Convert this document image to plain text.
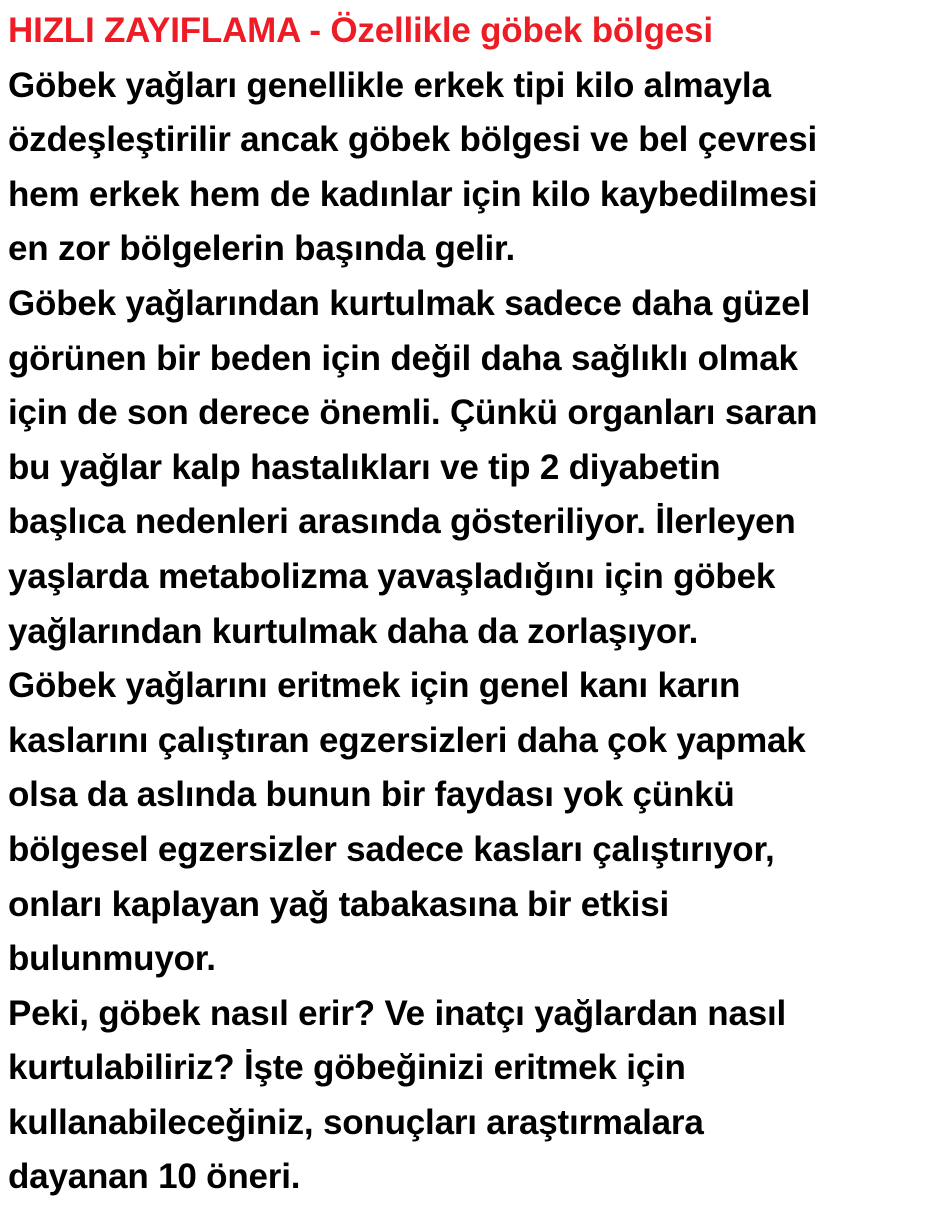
HIZLI ZAYIFLAMA - Özellikle göbek bölgesi
Göbek yağları genellikle erkek tipi kilo almayla
özdeşleştirilir ancak göbek bölgesi ve bel çevresi
hem erkek hem de kadınlar için kilo kaybedilmesi
en zor bölgelerin başında gelir.
Göbek yağlarından kurtulmak sadece daha güzel
görünen bir beden için değil daha sağlıklı olmak
için de son derece önemli. Çünkü organları saran
bu yağlar kalp hastalıkları ve tip 2 diyabetin
başlıca nedenleri arasında gösteriliyor. İlerleyen
yaşlarda metabolizma yavaşladığını için göbek
yağlarından kurtulmak daha da zorlaşıyor.
Göbek yağlarını eritmek için genel kanı karın
kaslarını çalıştıran egzersizleri daha çok yapmak
olsa da aslında bunun bir faydası yok çünkü
bölgesel egzersizler sadece kasları çalıştırıyor,
onları kaplayan yağ tabakasına bir etkisi
bulunmuyor.
Peki, göbek nasıl erir? Ve inatçı yağlardan nasıl
kurtulabiliriz? İşte göbeğinizi eritmek için
kullanabileceğiniz, sonuçları araştırmalara
dayanan 10 öneri.
